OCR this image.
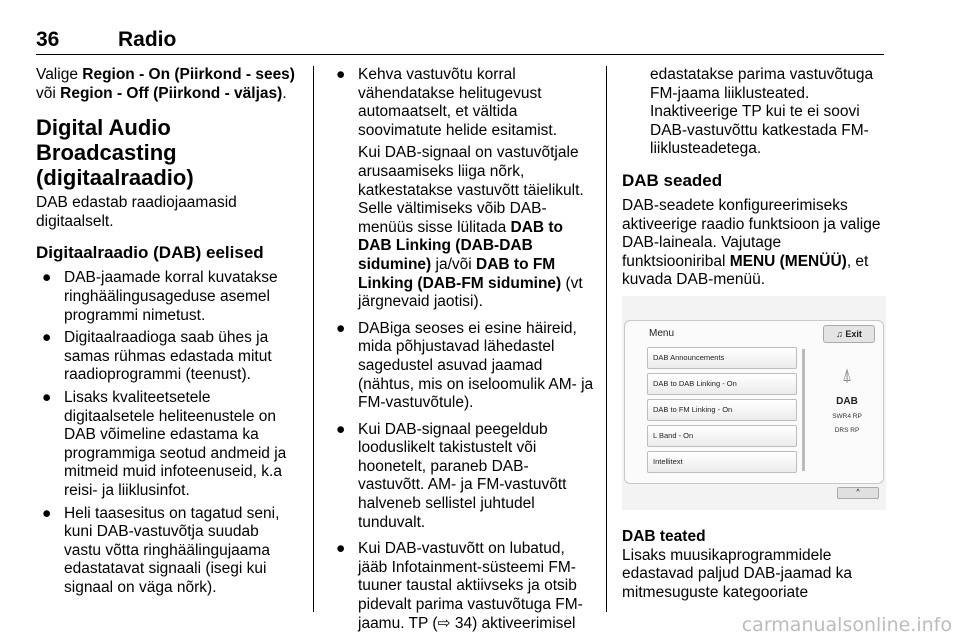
36	Radio

Valige Region - On (Piirkond - sees)
või Region - Off (Piirkond - väljas).

Digital Audio Broadcasting
(digitaalraadio)

DAB edastab raadiojaamasid digitaalselt.

Digitaalraadio (DAB) eelised
● DAB-jaamade korral kuvatakse ringhäälingusageduse asemel programmi nimetust.
● Digitaalraadioga saab ühes ja samas rühmas edastada mitut raadioprogrammi (teenust).
● Lisaks kvaliteetsetele digitaalsetele heliteenustele on DAB võimeline edastama ka programmiga seotud andmeid ja mitmeid muid infoteenuseid, k.a reisi- ja liiklusinfot.
● Heli taasesitus on tagatud seni, kuni DAB-vastuvõtja suudab vastu võtta ringhäälingujaama edastatavat signaali (isegi kui signaal on väga nõrk).
● Kehva vastuvõtu korral vähendatakse helitugevust automaatselt, et vältida soovimatute helide esitamist.

Kui DAB-signaal on vastuvõtjale arusaamiseks liiga nõrk, katkestatakse vastuvõtt täielikult. Selle vältimiseks võib DAB-menüüs sisse lülitada DAB to DAB Linking (DAB-DAB sidumine) ja/või DAB to FM Linking (DAB-FM sidumine) (vt järgnevaid jaotisi).

● DABiga seoses ei esine häireid, mida põhjustavad lähedastel sagedustel asuvad jaamad (nähtus, mis on iseloomulik AM- ja FM-vastuvõtule).
● Kui DAB-signaal peegeldub looduslikelt takistustelt või hoonetelt, paraneb DAB-vastuvõtt. AM- ja FM-vastuvõtt halveneb sellistel juhtudel tunduvalt.
● Kui DAB-vastuvõtt on lubatud, jääb Infotainment-süsteemi FM-tuuner taustal aktiivseks ja otsib pidevalt parima vastuvõtuga FM-jaamu. TP (⇨ 34) aktiveerimisel

edastatakse parima vastuvõtuga FM-jaama liiklusteated. Inaktiveerige TP kui te ei soovi DAB-vastuvõttu katkestada FM-liiklusteadetega.

DAB seaded

DAB-seadete konfigureerimiseks aktiveerige raadio funktsioon ja valige DAB-laineala. Vajutage funktsiooniribal MENU (MENÜÜ), et kuvada DAB-menüü.

Menu	♫ Exit
DAB Announcements
DAB to DAB Linking - On
DAB to FM Linking - On
L Band - On
Intellitext
⍋
DAB
SWR4 RP
DRS RP
^
DAB teated

Lisaks muusikaprogrammidele edastavad paljud DAB-jaamad ka mitmesuguste kategooriate

carmanualsonline.info
